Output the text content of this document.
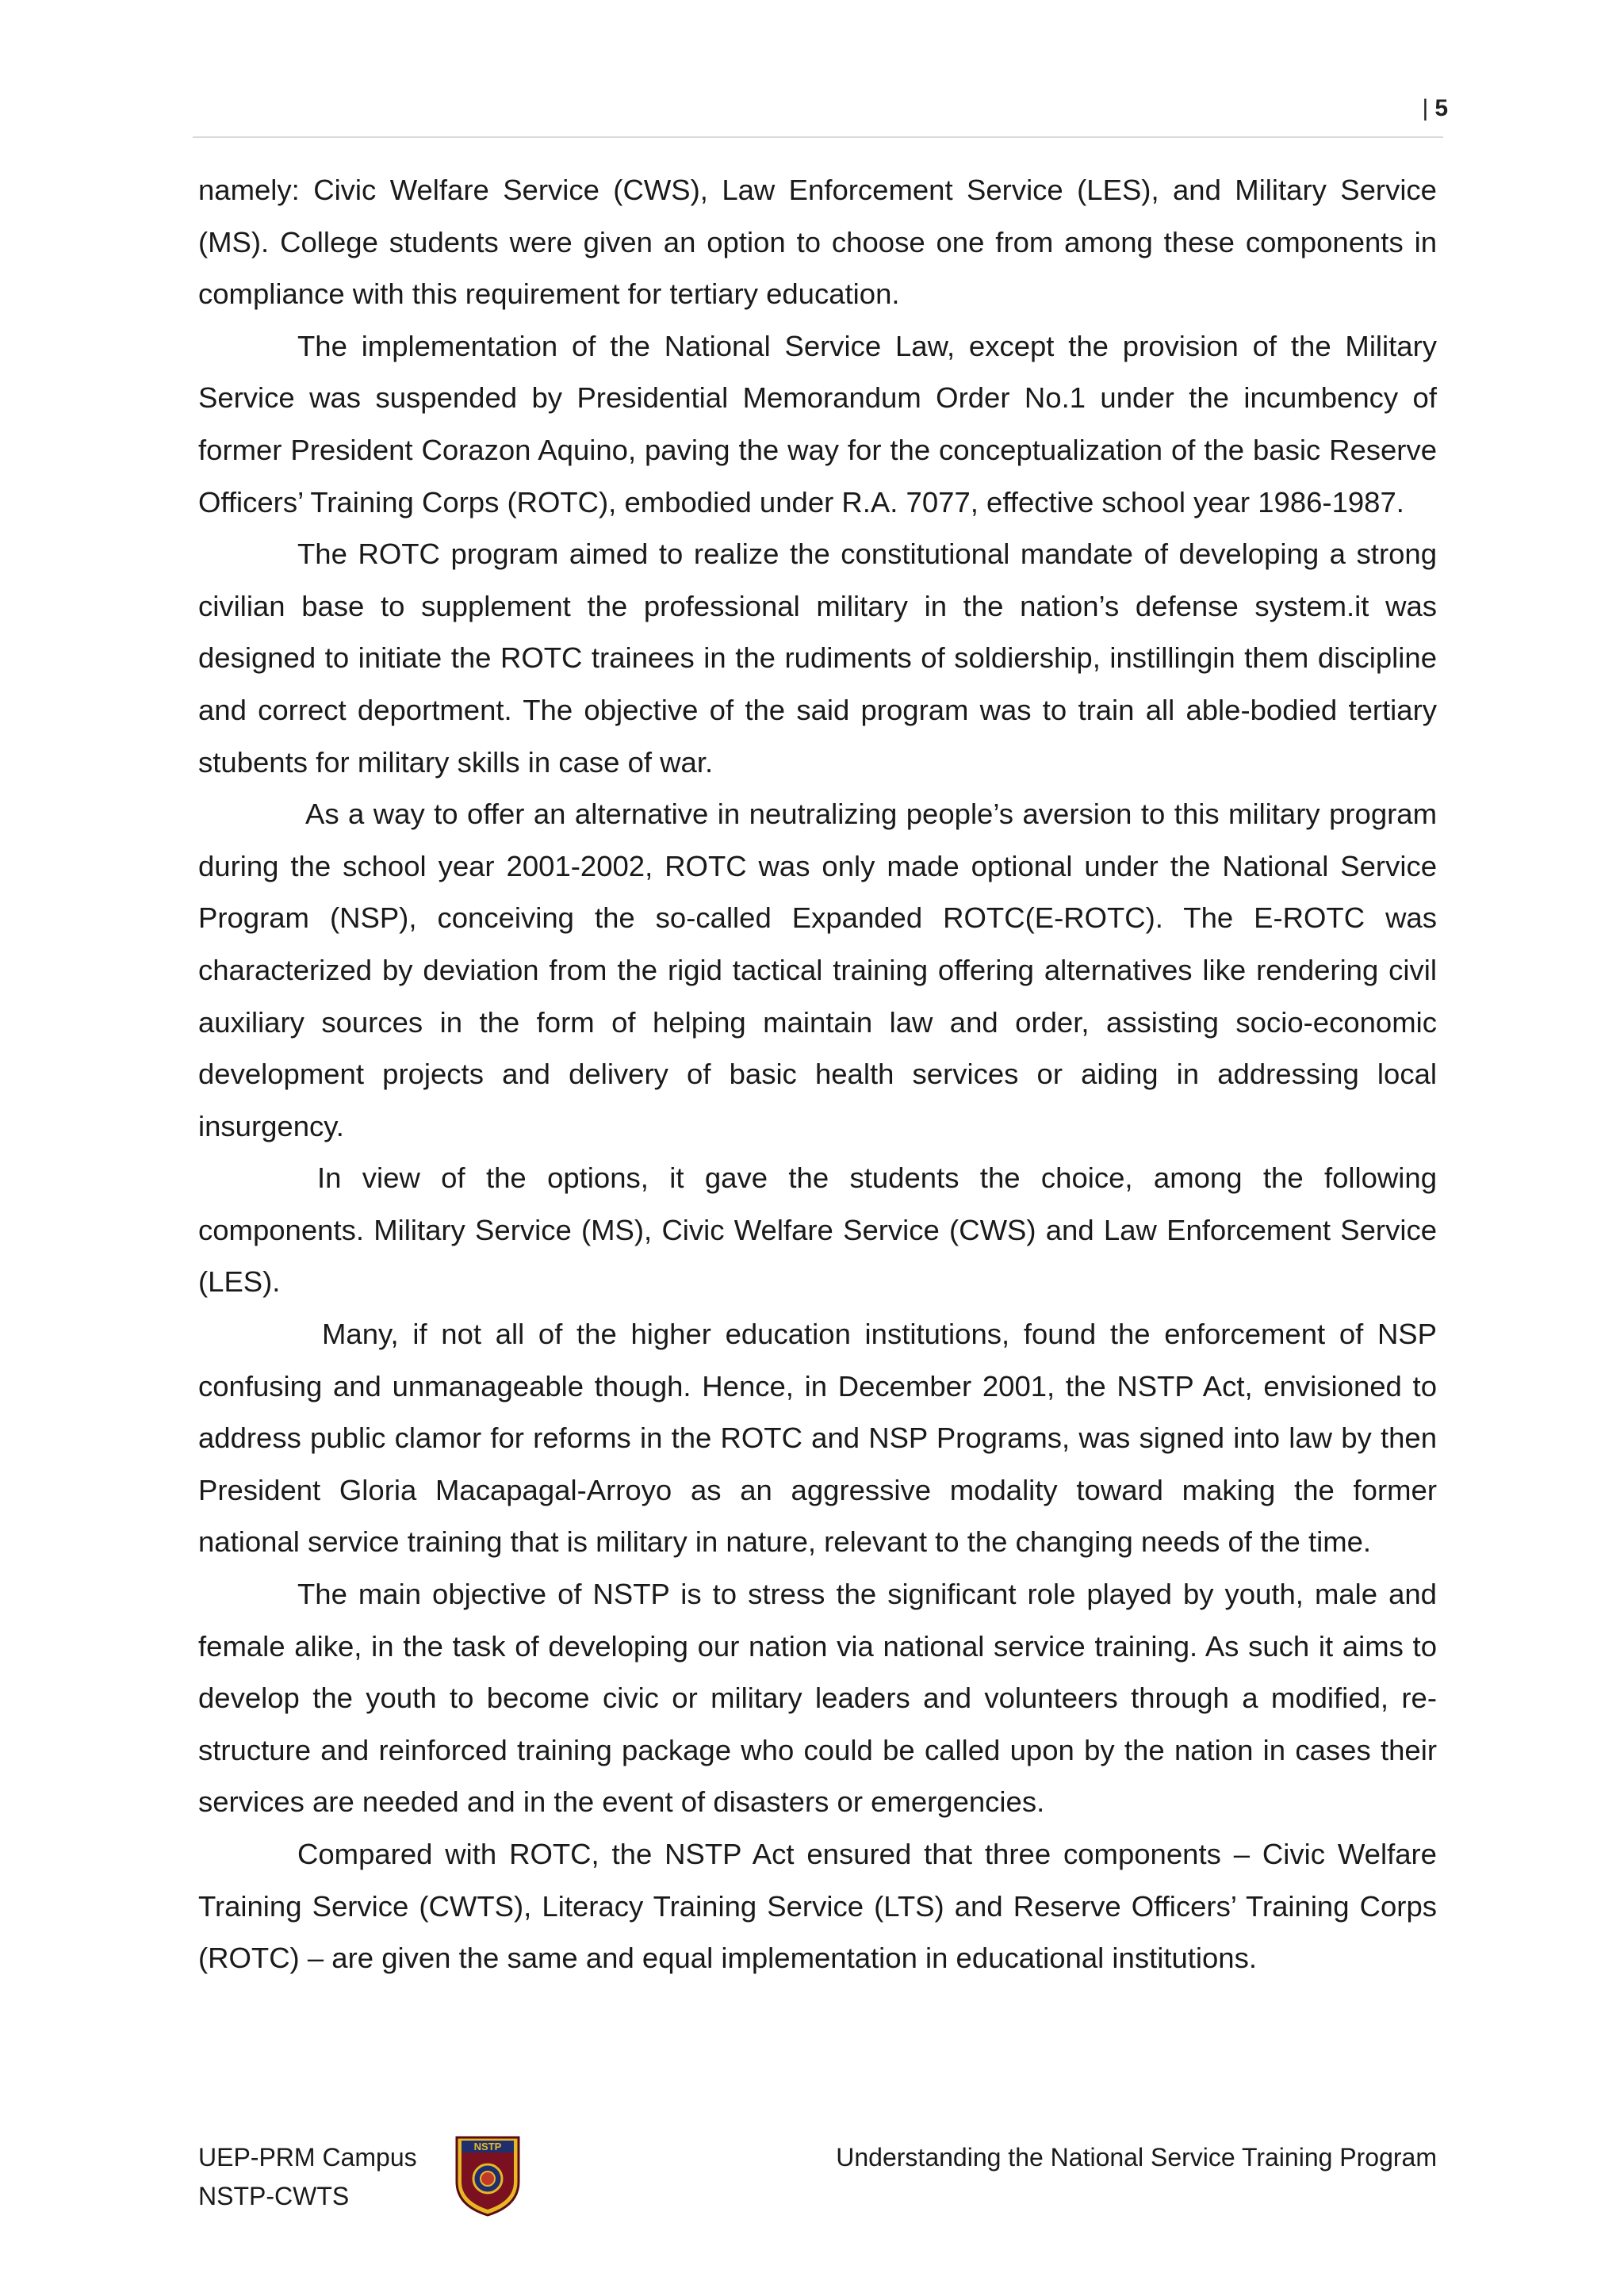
| 5

namely: Civic Welfare Service (CWS), Law Enforcement Service (LES), and Military Service (MS). College students were given an option to choose one from among these components in compliance with this requirement for tertiary education.

The implementation of the National Service Law, except the provision of the Military Service was suspended by Presidential Memorandum Order No.1 under the incumbency of former President Corazon Aquino, paving the way for the conceptualization of the basic Reserve Officers’ Training Corps (ROTC), embodied under R.A. 7077, effective school year 1986-1987.

The ROTC program aimed to realize the constitutional mandate of developing a strong civilian base to supplement the professional military in the nation’s defense system.it was designed to initiate the ROTC trainees in the rudiments of soldiership, instillingin them discipline and correct deportment. The objective of the said program was to train all able-bodied tertiary stubents for military skills in case of war.

As a way to offer an alternative in neutralizing people’s aversion to this military program during the school year 2001-2002, ROTC was only made optional under the National Service Program (NSP), conceiving the so-called Expanded ROTC(E-ROTC). The E-ROTC was characterized by deviation from the rigid tactical training offering alternatives like rendering civil auxiliary sources in the form of helping maintain law and order, assisting socio-economic development projects and delivery of basic health services or aiding in addressing local insurgency.

In view of the options, it gave the students the choice, among the following components. Military Service (MS), Civic Welfare Service (CWS) and Law Enforcement Service (LES).

Many, if not all of the higher education institutions, found the enforcement of NSP confusing and unmanageable though. Hence, in December 2001, the NSTP Act, envisioned to address public clamor for reforms in the ROTC and NSP Programs, was signed into law by then President Gloria Macapagal-Arroyo as an aggressive modality toward making the former national service training that is military in nature, relevant to the changing needs of the time.

The main objective of NSTP is to stress the significant role played by youth, male and female alike, in the task of developing our nation via national service training. As such it aims to develop the youth to become civic or military leaders and volunteers through a modified, re-structure and reinforced training package who could be called upon by the nation in cases their services are needed and in the event of disasters or emergencies.

Compared with ROTC, the NSTP Act ensured that three components – Civic Welfare Training Service (CWTS), Literacy Training Service (LTS) and Reserve Officers’ Training Corps (ROTC) – are given the same and equal implementation in educational institutions.

UEP-PRM Campus
NSTP-CWTS
NSTP	Understanding the National Service Training Program
